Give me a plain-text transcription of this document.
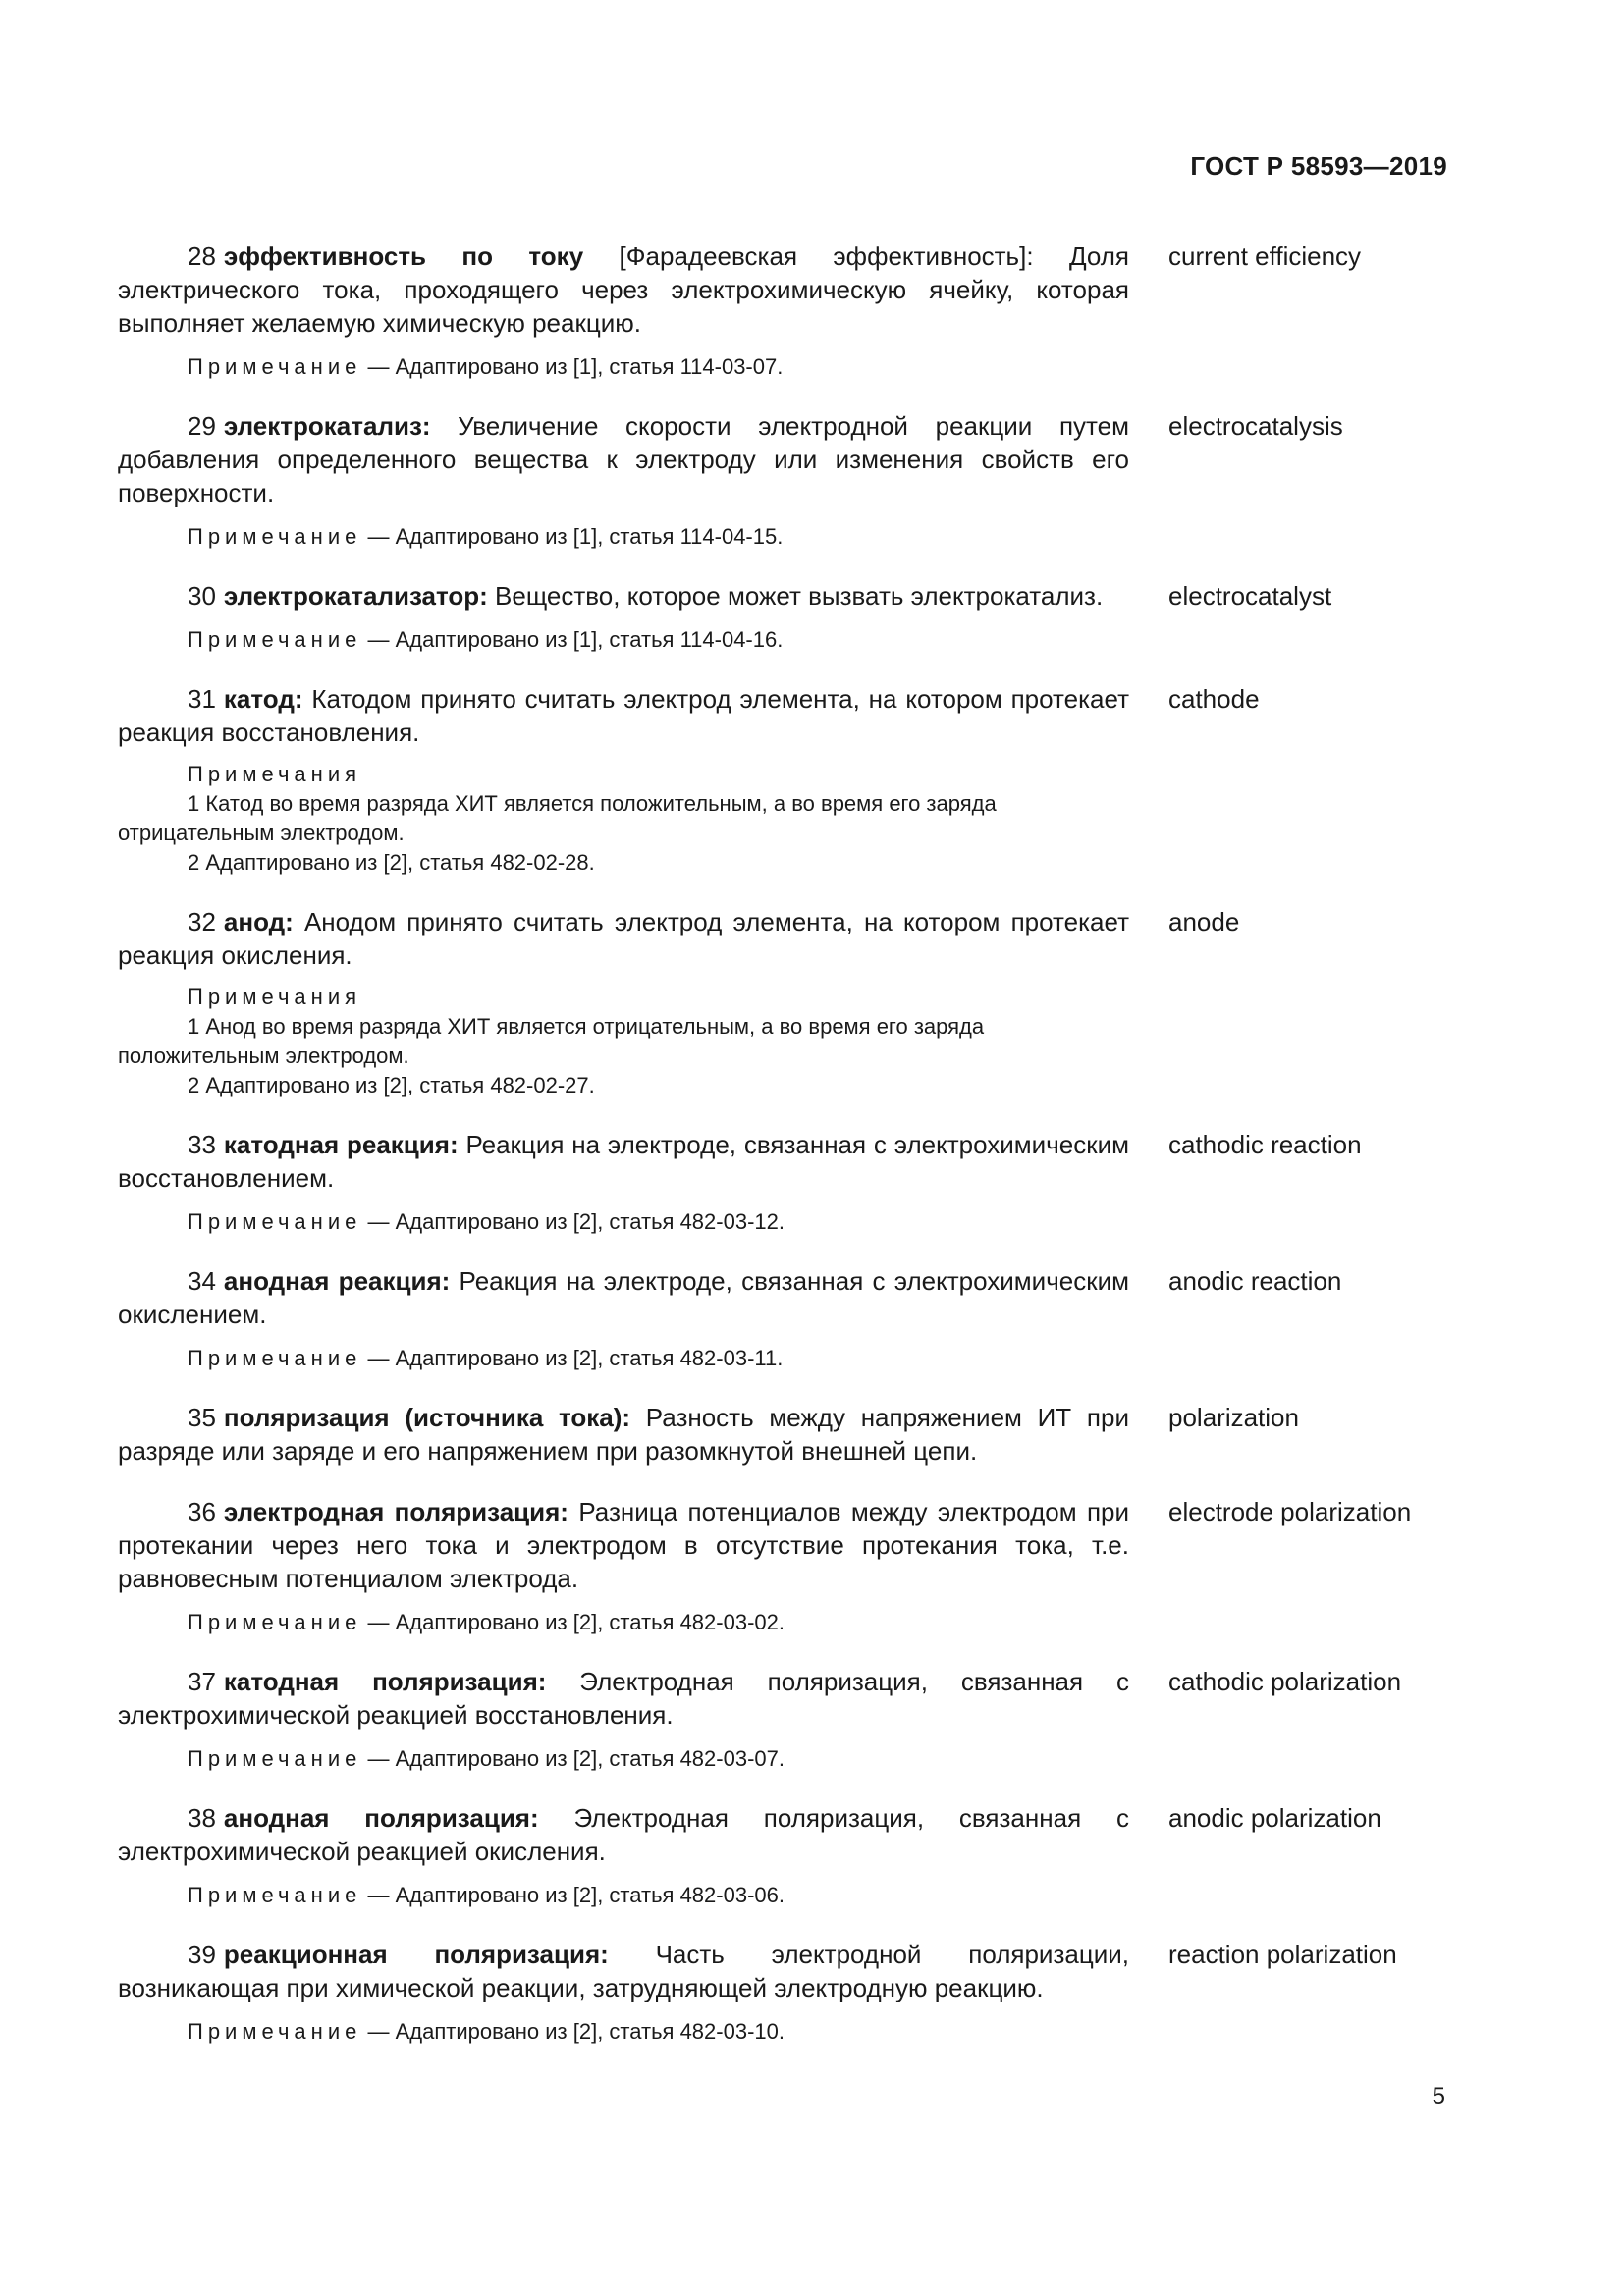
ГОСТ Р 58593—2019
28 эффективность по току [Фарадеевская эффективность]: Доля электрического тока, проходящего через электрохимическую ячейку, которая выполняет желаемую химическую реакцию.
current efficiency
Примечание — Адаптировано из [1], статья 114-03-07.
29 электрокатализ: Увеличение скорости электродной реакции путем добавления определенного вещества к электроду или изменения свойств его поверхности.
electrocatalysis
Примечание — Адаптировано из [1], статья 114-04-15.
30 электрокатализатор: Вещество, которое может вызвать электрокатализ.	electrocatalyst
Примечание — Адаптировано из [1], статья 114-04-16.
31 катод: Катодом принято считать электрод элемента, на котором протекает реакция восстановления.
cathode
Примечания
1 Катод во время разряда ХИТ является положительным, а во время его заряда отрицательным электродом.
2 Адаптировано из [2], статья 482-02-28.
32 анод: Анодом принято считать электрод элемента, на котором протекает реакция окисления.
anode
Примечания
1 Анод во время разряда ХИТ является отрицательным, а во время его заряда положительным электродом.
2 Адаптировано из [2], статья 482-02-27.
33 катодная реакция: Реакция на электроде, связанная с электрохимическим восстановлением.
cathodic reaction
Примечание — Адаптировано из [2], статья 482-03-12.
34 анодная реакция: Реакция на электроде, связанная с электрохимическим окислением.
anodic reaction
Примечание — Адаптировано из [2], статья 482-03-11.
35 поляризация (источника тока): Разность между напряжением ИТ при разряде или заряде и его напряжением при разомкнутой внешней цепи.
polarization
36 электродная поляризация: Разница потенциалов между электродом при протекании через него тока и электродом в отсутствие протекания тока, т.е. равновесным потенциалом электрода.
electrode polarization
Примечание — Адаптировано из [2], статья 482-03-02.
37 катодная поляризация: Электродная поляризация, связанная с электрохимической реакцией восстановления.
cathodic polarization
Примечание — Адаптировано из [2], статья 482-03-07.
38 анодная поляризация: Электродная поляризация, связанная с электрохимической реакцией окисления.
anodic polarization
Примечание — Адаптировано из [2], статья 482-03-06.
39 реакционная поляризация: Часть электродной поляризации, возникающая при химической реакции, затрудняющей электродную реакцию.
reaction polarization
Примечание — Адаптировано из [2], статья 482-03-10.
5
